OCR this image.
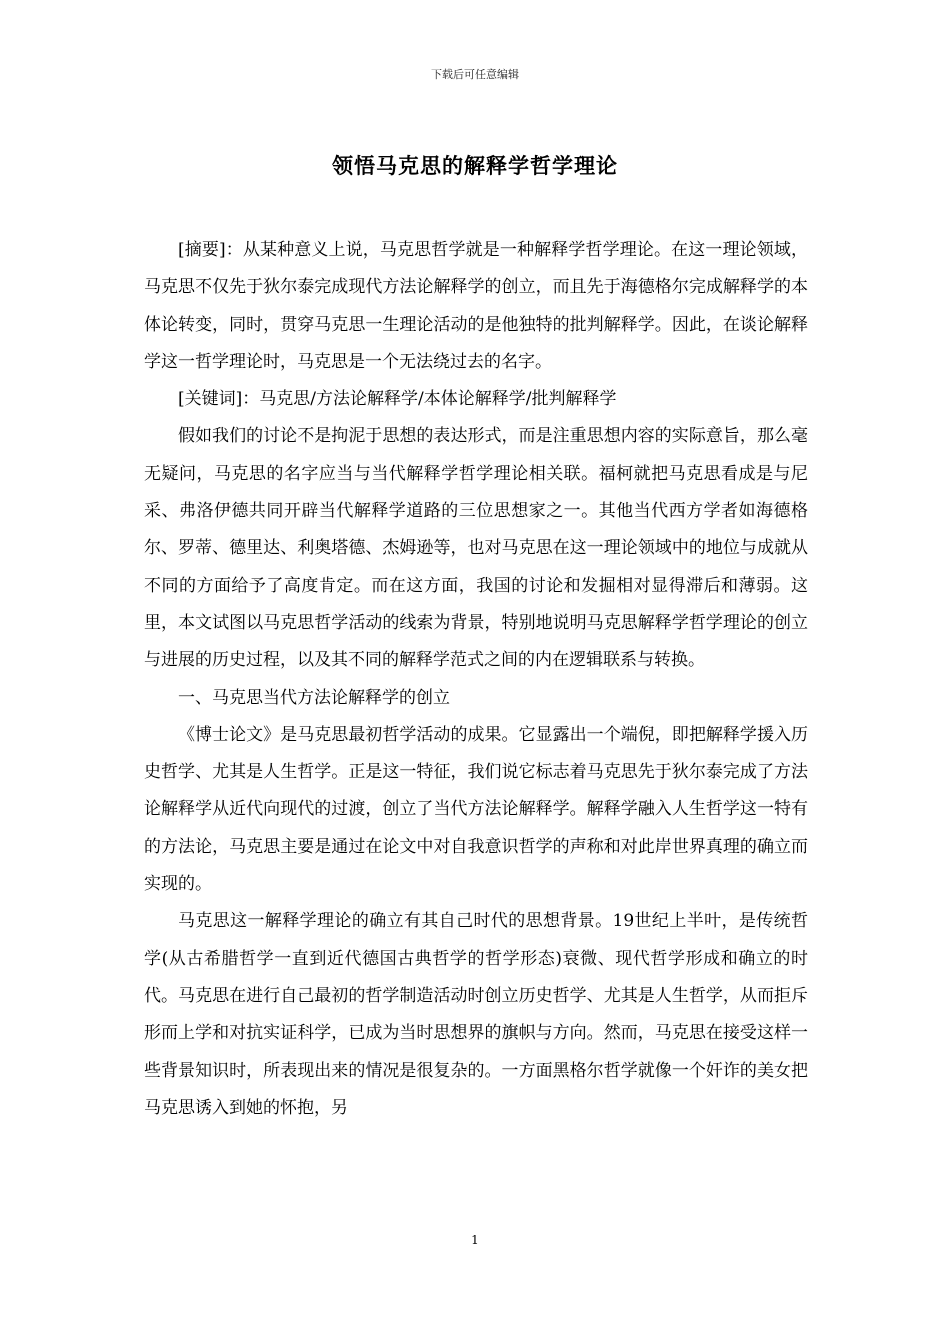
下载后可任意编辑
领悟马克思的解释学哲学理论

[摘要]：从某种意义上说，马克思哲学就是一种解释学哲学理论。在这一理论领域，马克思不仅先于狄尔泰完成现代方法论解释学的创立，而且先于海德格尔完成解释学的本体论转变，同时，贯穿马克思一生理论活动的是他独特的批判解释学。因此，在谈论解释学这一哲学理论时，马克思是一个无法绕过去的名字。

[关键词]：马克思/方法论解释学/本体论解释学/批判解释学

假如我们的讨论不是拘泥于思想的表达形式，而是注重思想内容的实际意旨，那么毫无疑问，马克思的名字应当与当代解释学哲学理论相关联。福柯就把马克思看成是与尼采、弗洛伊德共同开辟当代解释学道路的三位思想家之一。其他当代西方学者如海德格尔、罗蒂、德里达、利奥塔德、杰姆逊等，也对马克思在这一理论领域中的地位与成就从不同的方面给予了高度肯定。而在这方面，我国的讨论和发掘相对显得滞后和薄弱。这里，本文试图以马克思哲学活动的线索为背景，特别地说明马克思解释学哲学理论的创立与进展的历史过程，以及其不同的解释学范式之间的内在逻辑联系与转换。

一、马克思当代方法论解释学的创立

《博士论文》是马克思最初哲学活动的成果。它显露出一个端倪，即把解释学援入历史哲学、尤其是人生哲学。正是这一特征，我们说它标志着马克思先于狄尔泰完成了方法论解释学从近代向现代的过渡，创立了当代方法论解释学。解释学融入人生哲学这一特有的方法论，马克思主要是通过在论文中对自我意识哲学的声称和对此岸世界真理的确立而实现的。

马克思这一解释学理论的确立有其自己时代的思想背景。19世纪上半叶，是传统哲学(从古希腊哲学一直到近代德国古典哲学的哲学形态)衰微、现代哲学形成和确立的时代。马克思在进行自己最初的哲学制造活动时创立历史哲学、尤其是人生哲学，从而拒斥形而上学和对抗实证科学，已成为当时思想界的旗帜与方向。然而，马克思在接受这样一些背景知识时，所表现出来的情况是很复杂的。一方面黑格尔哲学就像一个奸诈的美女把马克思诱入到她的怀抱，另

1
